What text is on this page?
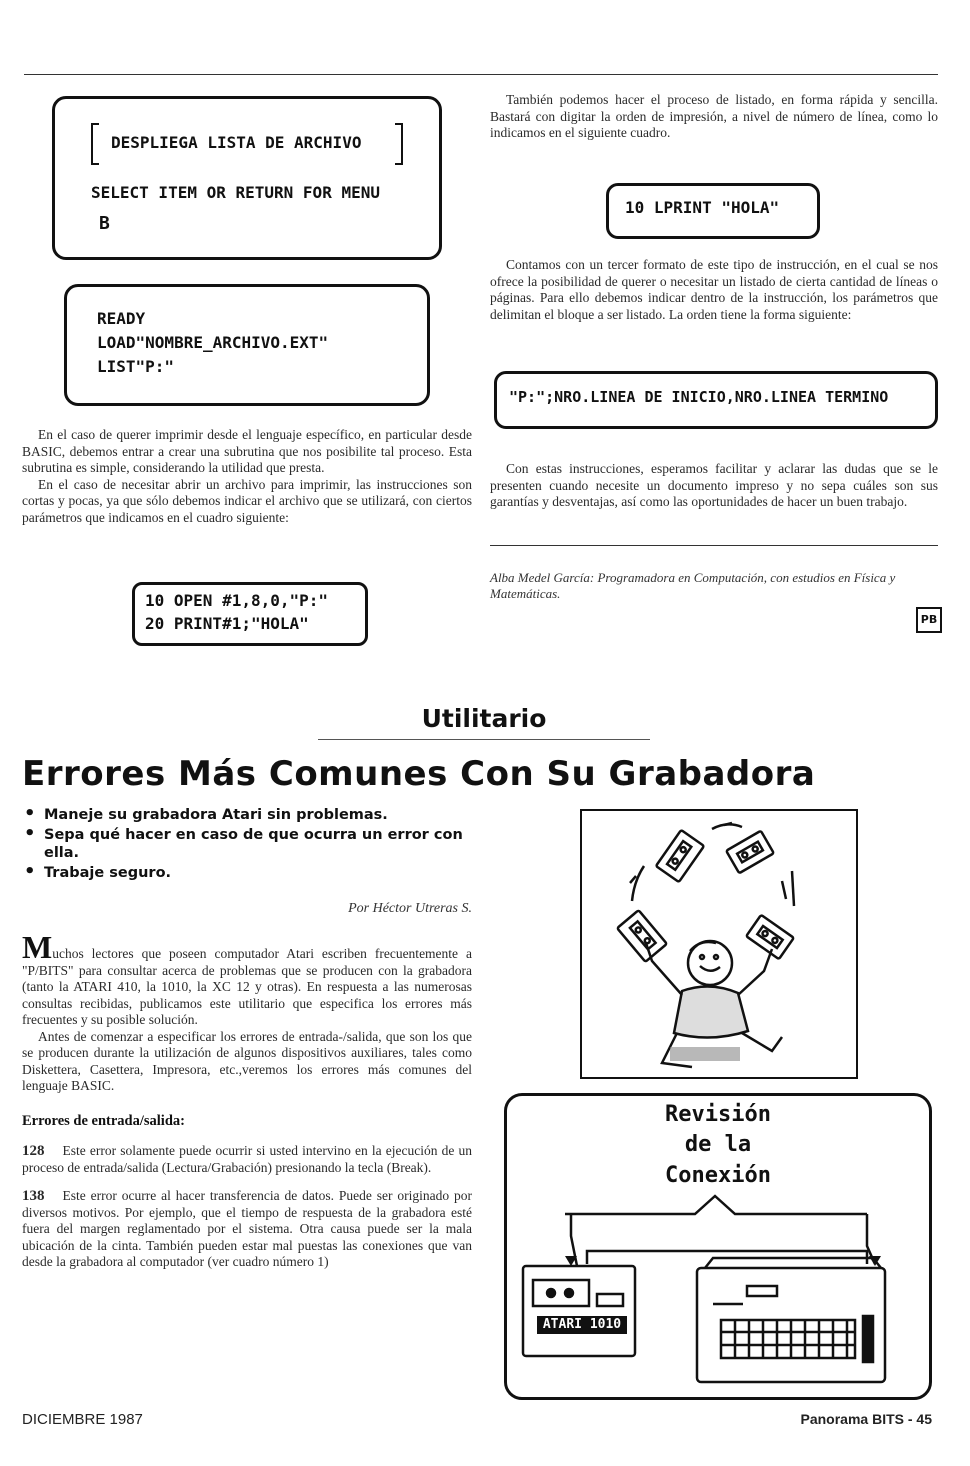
DESPLIEGA LISTA DE ARCHIVO
SELECT ITEM OR RETURN FOR MENU
B
READY
LOAD"NOMBRE_ARCHIVO.EXT"
LIST"P:"

En el caso de querer imprimir desde el lenguaje específico, en particular desde BASIC, debemos entrar a crear una subrutina que nos posibilite tal proceso. Esta subrutina es simple, considerando la utilidad que presta.

En el caso de necesitar abrir un archivo para imprimir, las instrucciones son cortas y pocas, ya que sólo debemos indicar el archivo que se utilizará, con ciertos parámetros que indicamos en el cuadro siguiente:

10 OPEN #1,8,0,"P:"
20 PRINT#1;"HOLA"
También podemos hacer el proceso de listado, en forma rápida y sencilla. Bastará con digitar la orden de impresión, a nivel de número de línea, como lo indicamos en el siguiente cuadro.
10 LPRINT "HOLA"
Contamos con un tercer formato de este tipo de instrucción, en el cual se nos ofrece la posibilidad de querer o necesitar un listado de cierta cantidad de líneas o páginas. Para ello debemos indicar dentro de la instrucción, los parámetros que delimitan el bloque a ser listado. La orden tiene la forma siguiente:
"P:";NRO.LINEA DE INICIO,NRO.LINEA TERMINO
Con estas instrucciones, esperamos facilitar y aclarar las dudas que se le presenten cuando necesite un documento impreso y no sepa cuáles son sus garantías y desventajas, así como las oportunidades de hacer un buen trabajo.
Alba Medel García: Programadora en Computación, con estudios en Física y Matemáticas.
PB
Utilitario
Errores Más Comunes Con Su Grabadora
• Maneje su grabadora Atari sin problemas.
• Sepa qué hacer en caso de que ocurra un error con ella.
• Trabaje seguro.
Por Héctor Utreras S.

Muchos lectores que poseen computador Atari escriben frecuentemente a "P/BITS" para consultar acerca de problemas que se producen con la grabadora (tanto la ATARI 410, la 1010, la XC 12 y otras). En respuesta a las numerosas consultas recibidas, publicamos este utilitario que especifica los errores más frecuentes y su posible solución.

Antes de comenzar a especificar los errores de entrada-/salida, que son los que se producen durante la utilización de algunos dispositivos auxiliares, tales como Diskettera, Casettera, Impresora, etc.,veremos los errores más comunes del lenguaje BASIC.

Errores de entrada/salida:

128 Este error solamente puede ocurrir si usted intervino en la ejecución de un proceso de entrada/salida (Lectura/Grabación) presionando la tecla (Break).
138 Este error ocurre al hacer transferencia de datos. Puede ser originado por diversos motivos. Por ejemplo, que el tiempo de respuesta de la grabadora esté fuera del margen reglamentado por el sistema. Otra causa puede ser la mala ubicación de la cinta. También pueden estar mal puestas las conexiones que van desde la grabadora al computador (ver cuadro número 1)
Revisión
de la
Conexión
ATARI 1010
DICIEMBRE 1987	Panorama BITS - 45
